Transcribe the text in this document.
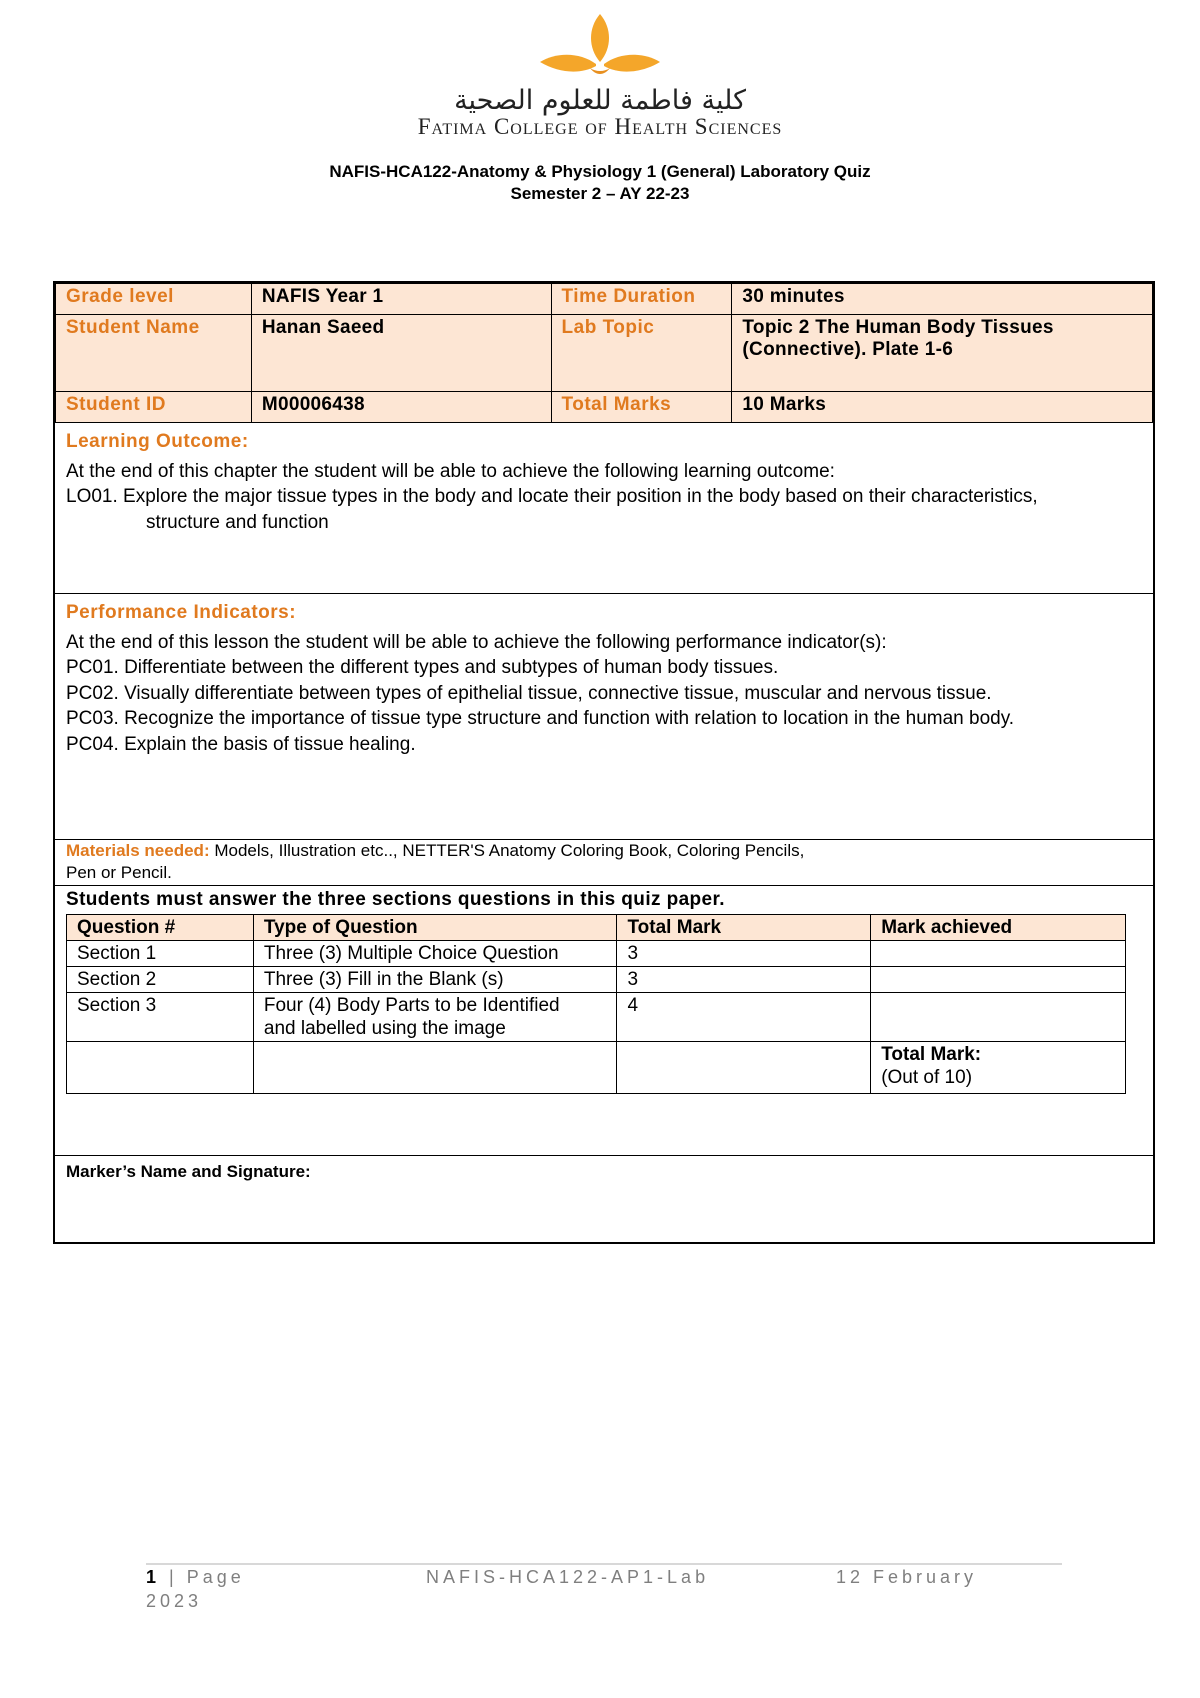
كلية فاطمة للعلوم الصحية
Fatima College of Health Sciences
NAFIS-HCA122-Anatomy & Physiology 1 (General) Laboratory Quiz
Semester 2 – AY 22-23
Grade level	NAFIS Year 1	Time Duration	30 minutes
Student Name	Hanan Saeed	Lab Topic	Topic 2 The Human Body Tissues
(Connective). Plate 1-6

Student ID	M00006438	Total Marks	10 Marks
Learning Outcome:
At the end of this chapter the student will be able to achieve the following learning outcome:
LO01. Explore the major tissue types in the body and locate their position in the body based on their characteristics,
structure and function
Performance Indicators:
At the end of this lesson the student will be able to achieve the following performance indicator(s):
PC01. Differentiate between the different types and subtypes of human body tissues.
PC02. Visually differentiate between types of epithelial tissue, connective tissue, muscular and nervous tissue.
PC03. Recognize the importance of tissue type structure and function with relation to location in the human body.
PC04. Explain the basis of tissue healing.
Materials needed: Models, Illustration etc.., NETTER'S Anatomy Coloring Book, Coloring Pencils,
Pen or Pencil.
Students must answer the three sections questions in this quiz paper.
Question #	Type of Question	Total Mark	Mark achieved
Section 1	Three (3) Multiple Choice Question	3	
Section 2	Three (3) Fill in the Blank (s)	3	
Section 3	Four (4) Body Parts to be Identified
and labelled using the image	4	

			Total Mark:
(Out of 10)
Marker’s Name and Signature:
1 | Page	NAFIS-HCA122-AP1-Lab	12 February
2023
